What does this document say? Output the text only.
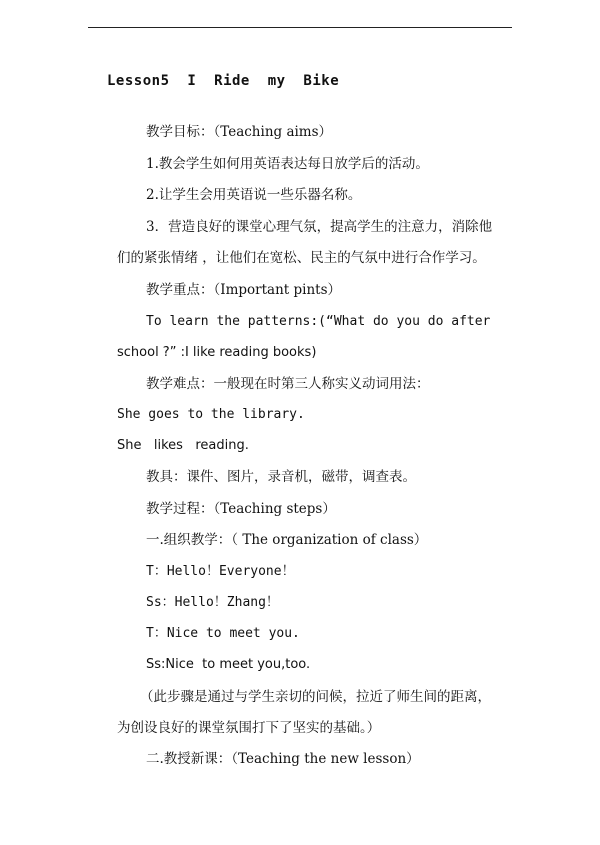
Lesson5  I  Ride  my  Bike
教学目标：（Teaching aims）
1.教会学生如何用英语表达每日放学后的活动。
2.让学生会用英语说一些乐器名称。
3．营造良好的课堂心理气氛，提高学生的注意力，消除他
们的紧张情绪 ，让他们在宽松、民主的气氛中进行合作学习。
教学重点：（Important pints）
To learn the patterns:(“What do you do after
school ?” :I like reading books)
教学难点：一般现在时第三人称实义动词用法：
She goes to the library.
She   likes   reading.
教具：课件、图片，录音机，磁带，调查表。
教学过程：（Teaching steps）
一.组织教学：（ The organization of class）
T：Hello！Everyone！
Ss：Hello！Zhang！
T：Nice to meet you.
Ss:Nice  to meet you,too.
（此步骤是通过与学生亲切的问候，拉近了师生间的距离，
为创设良好的课堂氛围打下了坚实的基础。）
二.教授新课：（Teaching the new lesson）
